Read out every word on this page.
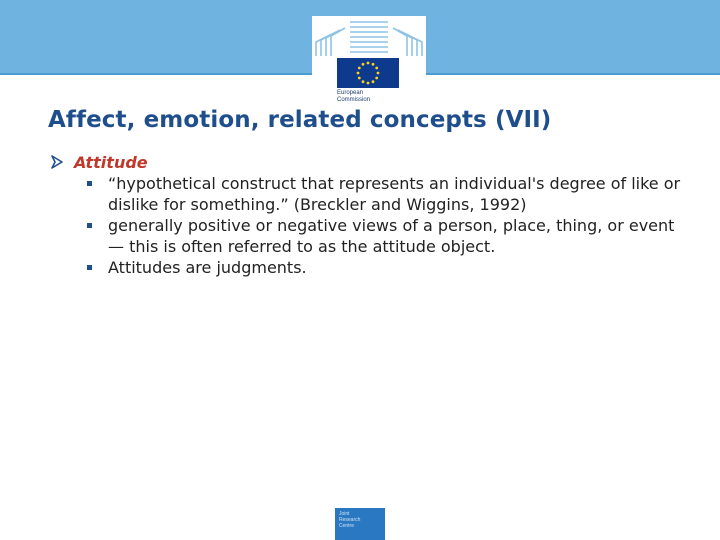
European
Commission
Affect, emotion, related concepts (VII)
Attitude
“hypothetical construct that represents an individual's degree of like or dislike for something.” (Breckler and Wiggins, 1992)
generally positive or negative views of a person, place, thing, or event— this is often referred to as the attitude object.
Attitudes are judgments.
Joint
Research
Centre
